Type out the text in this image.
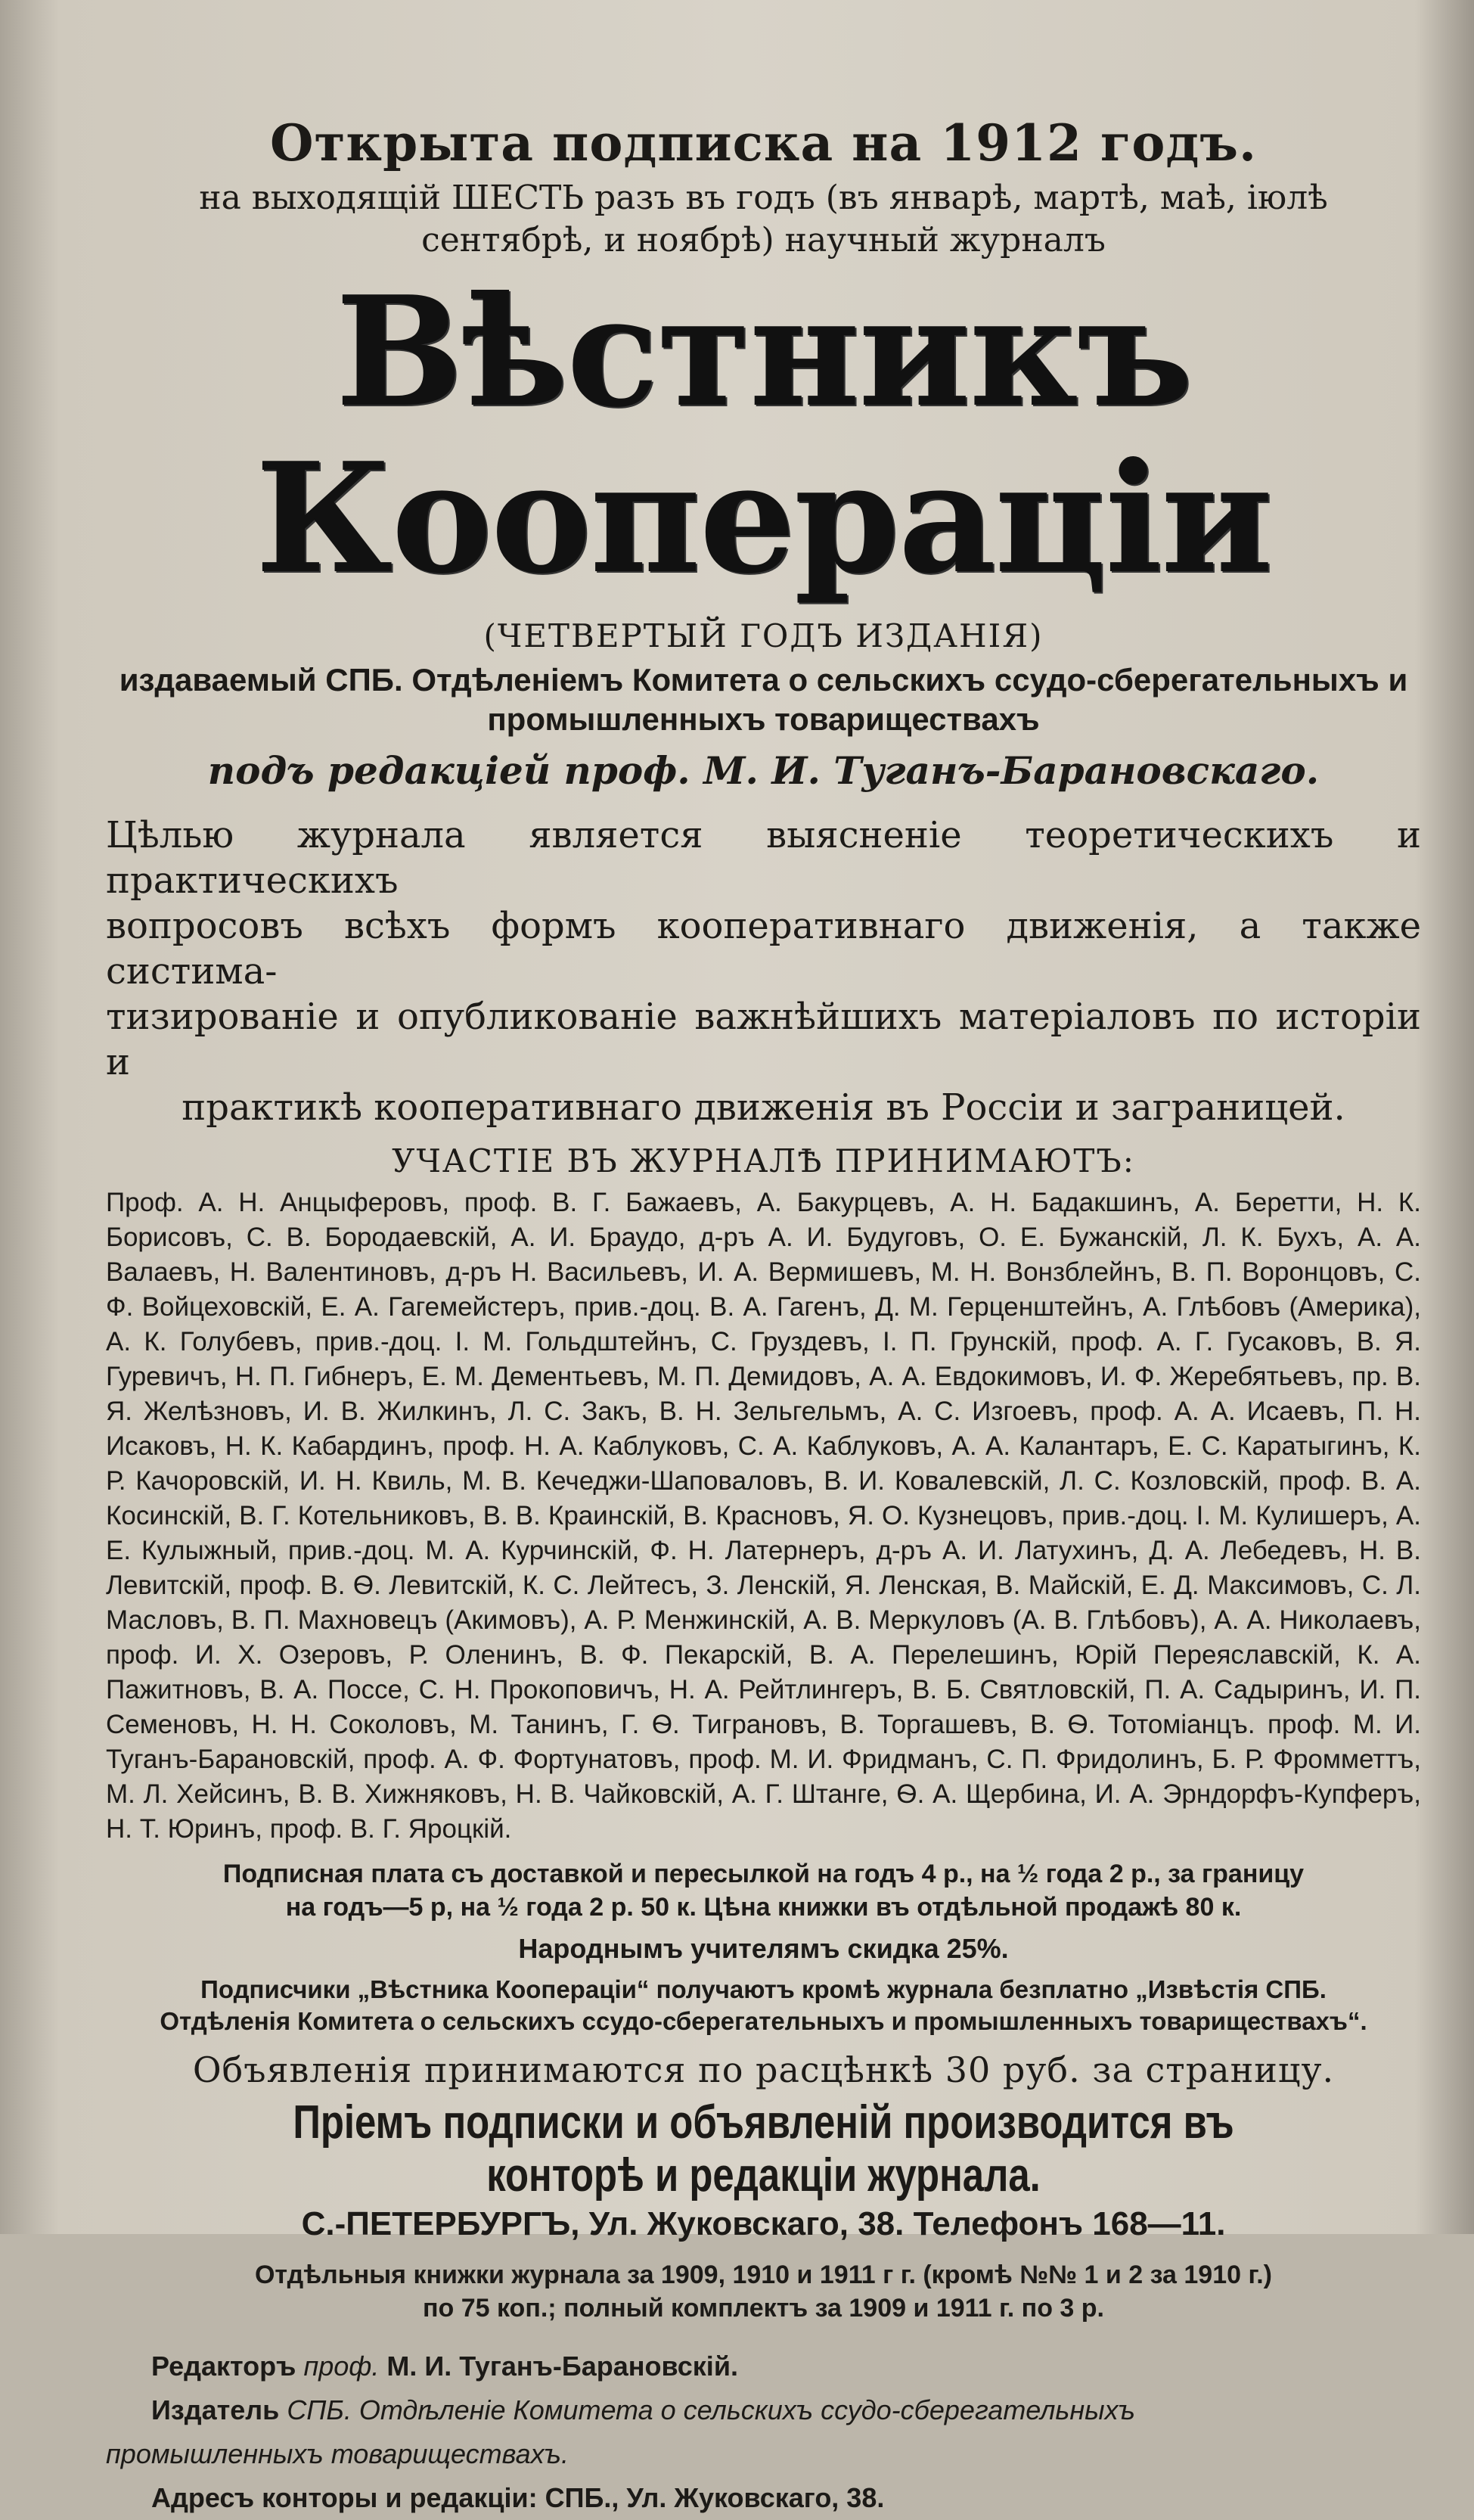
Открыта подписка на 1912 годъ.
на выходящій ШЕСТЬ разъ въ годъ (въ январѣ, мартѣ, маѣ, іюлѣ
сентябрѣ, и ноябрѣ) научный журналъ
Вѣстникъ Коопераціи
(ЧЕТВЕРТЫЙ ГОДЪ ИЗДАНІЯ)
издаваемый СПБ. Отдѣленіемъ Комитета о сельскихъ ссудо-сберегательныхъ и
промышленныхъ товариществахъ
подъ редакціей проф. М. И. Туганъ-Барановскаго.
Цѣлью журнала является выясненіе теоретическихъ и практическихъ
вопросовъ всѣхъ формъ кооперативнаго движенія, а также систима-
тизированіе и опубликованіе важнѣйшихъ матеріаловъ по исторіи и
практикѣ кооперативнаго движенія въ Россіи и заграницей.
УЧАСТІЕ ВЪ ЖУРНАЛѢ ПРИНИМАЮТЪ:

Проф. А. Н. Анцыферовъ, проф. В. Г. Бажаевъ, А. Бакурцевъ, А. Н. Бадакшинъ, А. Беретти, Н. К. Борисовъ, С. В. Бородаевскій, А. И. Браудо, д-ръ А. И. Будуговъ, О. Е. Бужанскій, Л. К. Бухъ, А. А. Валаевъ, Н. Валентиновъ, д-ръ Н. Васильевъ, И. А. Вермишевъ, М. Н. Вонзблейнъ, В. П. Воронцовъ, С. Ф. Войцеховскій, Е. А. Гагемейстеръ, прив.-доц. В. А. Гагенъ, Д. М. Герценштейнъ, А. Глѣбовъ (Америка), А. К. Голубевъ, прив.-доц. І. М. Гольдштейнъ, С. Груздевъ, І. П. Грунскій, проф. А. Г. Гусаковъ, В. Я. Гуревичъ, Н. П. Гибнеръ, Е. М. Дементьевъ, М. П. Демидовъ, А. А. Евдокимовъ, И. Ф. Жеребятьевъ, пр. В. Я. Желѣзновъ, И. В. Жилкинъ, Л. С. Закъ, В. Н. Зельгельмъ, А. С. Изгоевъ, проф. А. А. Исаевъ, П. Н. Исаковъ, Н. К. Кабардинъ, проф. Н. А. Каблуковъ, С. А. Каблуковъ, А. А. Калантаръ, Е. С. Каратыгинъ, К. Р. Качоровскій, И. Н. Квиль, М. В. Кечеджи-Шаповаловъ, В. И. Ковалевскій, Л. С. Козловскій, проф. В. А. Косинскій, В. Г. Котельниковъ, В. В. Краинскій, В. Красновъ, Я. О. Кузнецовъ, прив.-доц. І. М. Кулишеръ, А. Е. Кулыжный, прив.-доц. М. А. Курчинскій, Ф. Н. Латернеръ, д-ръ А. И. Латухинъ, Д. А. Лебедевъ, Н. В. Левитскій, проф. В. Ѳ. Левитскій, К. С. Лейтесъ, З. Ленскій, Я. Ленская, В. Майскій, Е. Д. Максимовъ, С. Л. Масловъ, В. П. Махновецъ (Акимовъ), А. Р. Менжинскій, А. В. Меркуловъ (А. В. Глѣбовъ), А. А. Николаевъ, проф. И. Х. Озеровъ, Р. Оленинъ, В. Ф. Пекарскій, В. А. Перелешинъ, Юрій Переяславскій, К. А. Пажитновъ, В. А. Поссе, С. Н. Прокоповичъ, Н. А. Рейтлингеръ, В. Б. Святловскій, П. А. Садыринъ, И. П. Семеновъ, Н. Н. Соколовъ, М. Танинъ, Г. Ѳ. Тиграновъ, В. Торгашевъ, В. Ѳ. Тотоміанцъ. проф. М. И. Туганъ-Барановскій, проф. А. Ф. Фортунатовъ, проф. М. И. Фридманъ, С. П. Фридолинъ, Б. Р. Фромметтъ, М. Л. Хейсинъ, В. В. Хижняковъ, Н. В. Чайковскій, А. Г. Штанге, Ѳ. А. Щербина, И. А. Эрндорфъ-Купферъ, Н. Т. Юринъ, проф. В. Г. Яроцкій.

Подписная плата съ доставкой и пересылкой на годъ 4 р., на ½ года 2 р., за границу
на годъ—5 р, на ½ года 2 р. 50 к. Цѣна книжки въ отдѣльной продажѣ 80 к.
Народнымъ учителямъ скидка 25%.
Подписчики „Вѣстника Коопераціи“ получаютъ кромѣ журнала безплатно „Извѣстія СПБ.
Отдѣленія Комитета о сельскихъ ссудо-сберегательныхъ и промышленныхъ товариществахъ“.
Объявленія принимаются по расцѣнкѣ 30 руб. за страницу.
Пріемъ подписки и объявленій производится въ конторѣ и редакціи журнала.
С.-ПЕТЕРБУРГЪ, Ул. Жуковскаго, 38. Телефонъ 168—11.
Отдѣльныя книжки журнала за 1909, 1910 и 1911 г г. (кромѣ №№ 1 и 2 за 1910 г.)
по 75 коп.; полный комплектъ за 1909 и 1911 г. по 3 р.
Редакторъ проф. М. И. Туганъ-Барановскій.
Издатель СПБ. Отдѣленіе Комитета о сельскихъ ссудо-сберегательныхъ
промышленныхъ товариществахъ.
Адресъ конторы и редакціи: СПБ., Ул. Жуковскаго, 38.
